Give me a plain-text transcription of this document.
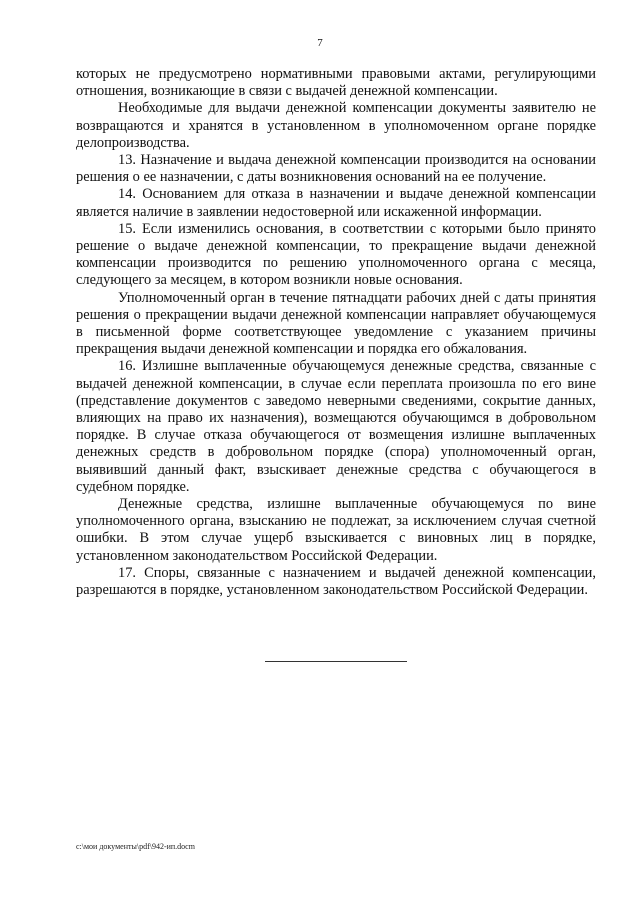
7

которых не предусмотрено нормативными правовыми актами, регулирующими отношения, возникающие в связи с выдачей денежной компенсации.

Необходимые для выдачи денежной компенсации документы заявителю не возвращаются и хранятся в установленном в уполномоченном органе порядке делопроизводства.

13. Назначение и выдача денежной компенсации производится на основании решения о ее назначении, с даты возникновения оснований на ее получение.

14. Основанием для отказа в назначении и выдаче денежной компенсации является наличие в заявлении недостоверной или искаженной информации.

15. Если изменились основания, в соответствии с которыми было принято решение о выдаче денежной компенсации, то прекращение выдачи денежной компенсации производится по решению уполномоченного органа с месяца, следующего за месяцем, в котором возникли новые основания.

Уполномоченный орган в течение пятнадцати рабочих дней с даты принятия решения о прекращении выдачи денежной компенсации направляет обучающемуся в письменной форме соответствующее уведомление с указанием причины прекращения выдачи денежной компенсации и порядка его обжалования.

16. Излишне выплаченные обучающемуся денежные средства, связанные с выдачей денежной компенсации, в случае если переплата произошла по его вине (представление документов с заведомо неверными сведениями, сокрытие данных, влияющих на право их назначения), возмещаются обучающимся в добровольном порядке. В случае отказа обучающегося от возмещения излишне выплаченных денежных средств в добровольном порядке (спора) уполномоченный орган, выявивший данный факт, взыскивает денежные средства с обучающегося в судебном порядке.

Денежные средства, излишне выплаченные обучающемуся по вине уполномоченного органа, взысканию не подлежат, за исключением случая счетной ошибки. В этом случае ущерб взыскивается с виновных лиц в порядке, установленном законодательством Российской Федерации.

17. Споры, связанные с назначением и выдачей денежной компенсации, разрешаются в порядке, установленном законодательством Российской Федерации.

c:\мои документы\pdf\942-ип.docm
